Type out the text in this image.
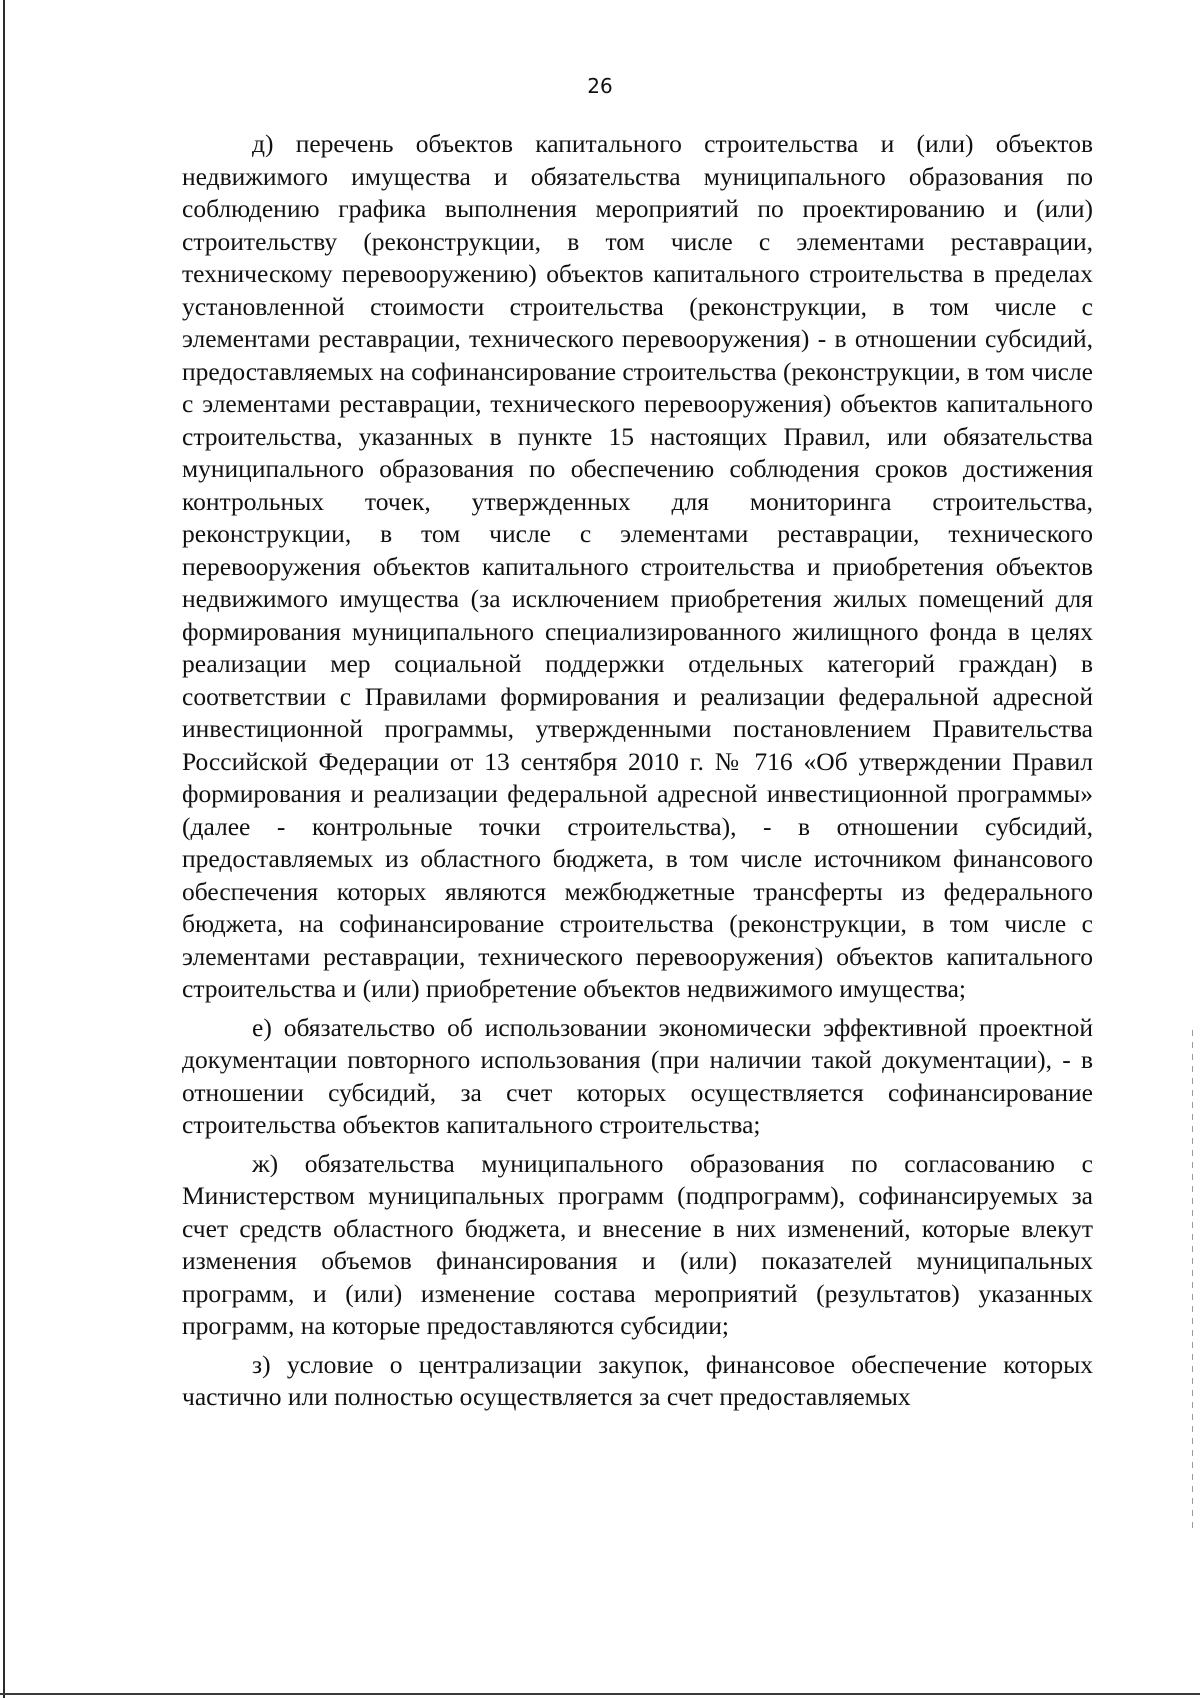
26

д) перечень объектов капитального строительства и (или) объектов недвижимого имущества и обязательства муниципального образования по соблюдению графика выполнения мероприятий по проектированию и (или) строительству (реконструкции, в том числе с элементами реставрации, техническому перевооружению) объектов капитального строительства в пределах установленной стоимости строительства (реконструкции, в том числе с элементами реставрации, технического перевооружения) - в отношении субсидий, предоставляемых на софинансирование строительства (реконструкции, в том числе с элементами реставрации, технического перевооружения) объектов капитального строительства, указанных в пункте 15 настоящих Правил, или обязательства муниципального образования по обеспечению соблюдения сроков достижения контрольных точек, утвержденных для мониторинга строительства, реконструкции, в том числе с элементами реставрации, технического перевооружения объектов капитального строительства и приобретения объектов недвижимого имущества (за исключением приобретения жилых помещений для формирования муниципального специализированного жилищного фонда в целях реализации мер социальной поддержки отдельных категорий граждан) в соответствии с Правилами формирования и реализации федеральной адресной инвестиционной программы, утвержденными постановлением Правительства Российской Федерации от 13 сентября 2010 г. № 716 «Об утверждении Правил формирования и реализации федеральной адресной инвестиционной программы» (далее - контрольные точки строительства), - в отношении субсидий, предоставляемых из областного бюджета, в том числе источником финансового обеспечения которых являются межбюджетные трансферты из федерального бюджета, на софинансирование строительства (реконструкции, в том числе с элементами реставрации, технического перевооружения) объектов капитального строительства и (или) приобретение объектов недвижимого имущества;

е) обязательство об использовании экономически эффективной проектной документации повторного использования (при наличии такой документации), - в отношении субсидий, за счет которых осуществляется софинансирование строительства объектов капитального строительства;

ж) обязательства муниципального образования по согласованию с Министерством муниципальных программ (подпрограмм), софинансируемых за счет средств областного бюджета, и внесение в них изменений, которые влекут изменения объемов финансирования и (или) показателей муниципальных программ, и (или) изменение состава мероприятий (результатов) указанных программ, на которые предоставляются субсидии;

з) условие о централизации закупок, финансовое обеспечение которых частично или полностью осуществляется за счет предоставляемых
